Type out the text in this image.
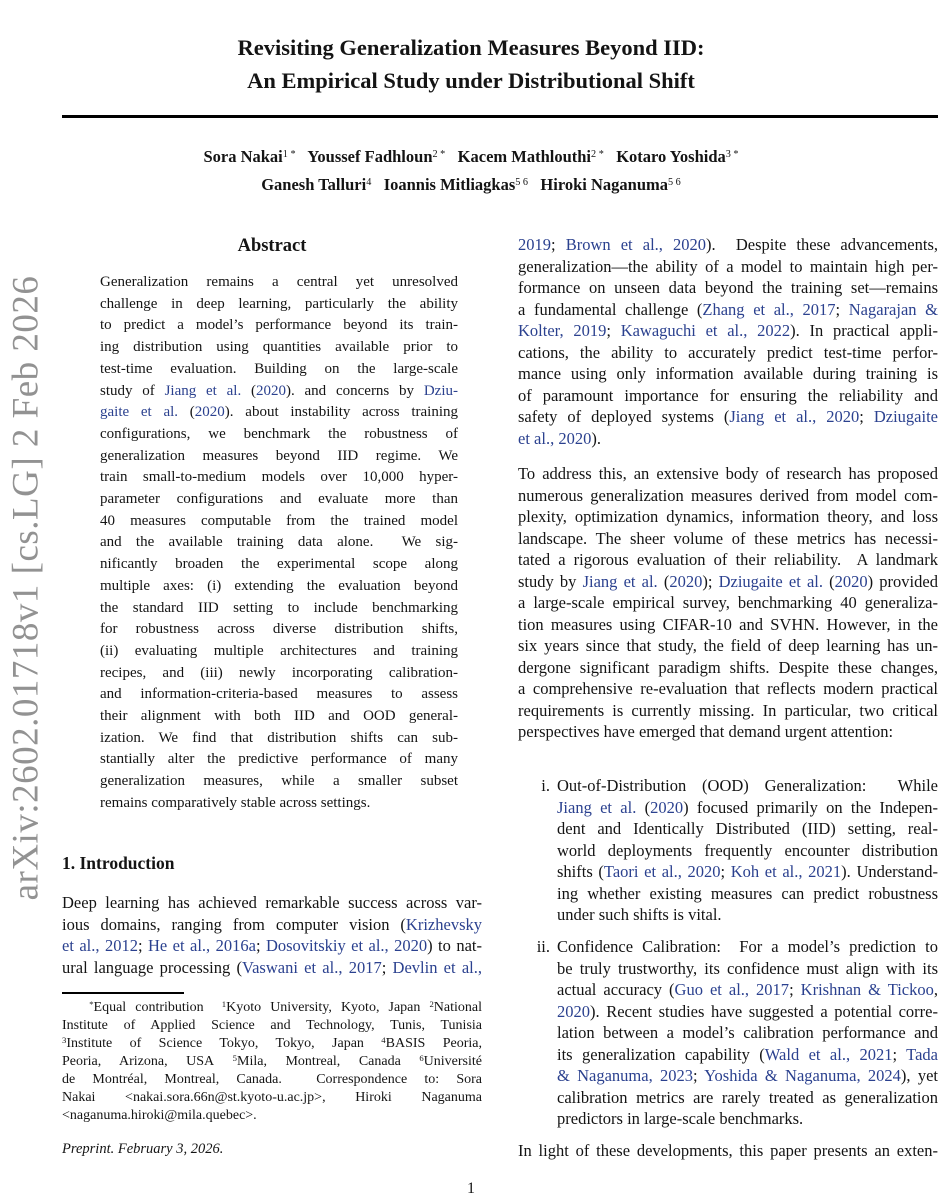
arXiv:2602.01718v1 [cs.LG] 2 Feb 2026
Revisiting Generalization Measures Beyond IID:
An Empirical Study under Distributional Shift
Sora Nakai$^{1 *}$   Youssef Fadhloun$^{2 *}$   Kacem Mathlouthi$^{2 *}$   Kotaro Yoshida$^{3 *}$
Ganesh Talluri$^4$   Ioannis Mitliagkas$^{5 6}$   Hiroki Naganuma$^{5 6}$
Abstract
Generalization remains a central yet unresolved
challenge in deep learning, particularly the ability
to predict a model’s performance beyond its train-
ing distribution using quantities available prior to
test-time evaluation. Building on the large-scale
study of Jiang et al. (2020). and concerns by Dziu-
gaite et al. (2020). about instability across training
configurations, we benchmark the robustness of
generalization measures beyond IID regime. We
train small-to-medium models over 10,000 hyper-
parameter configurations and evaluate more than
40 measures computable from the trained model
and the available training data alone.  We sig-
nificantly broaden the experimental scope along
multiple axes: (i) extending the evaluation beyond
the standard IID setting to include benchmarking
for robustness across diverse distribution shifts,
(ii) evaluating multiple architectures and training
recipes, and (iii) newly incorporating calibration-
and information-criteria-based measures to assess
their alignment with both IID and OOD general-
ization. We find that distribution shifts can sub-
stantially alter the predictive performance of many
generalization measures, while a smaller subset
remains comparatively stable across settings.
1. Introduction
Deep learning has achieved remarkable success across var-
ious domains, ranging from computer vision (Krizhevsky
et al., 2012; He et al., 2016a; Dosovitskiy et al., 2020) to nat-
ural language processing (Vaswani et al., 2017; Devlin et al.,
*Equal contribution  $^1$Kyoto University, Kyoto, Japan $^2$National
Institute of Applied Science and Technology, Tunis, Tunisia
$^3$Institute of Science Tokyo, Tokyo, Japan $^4$BASIS Peoria,
Peoria, Arizona, USA $^5$Mila, Montreal, Canada $^6$Université
de Montréal, Montreal, Canada.  Correspondence to: Sora
Nakai <nakai.sora.66n@st.kyoto-u.ac.jp>, Hiroki Naganuma
<naganuma.hiroki@mila.quebec>.
Preprint. February 3, 2026.
2019; Brown et al., 2020).  Despite these advancements,
generalization—the ability of a model to maintain high per-
formance on unseen data beyond the training set—remains
a fundamental challenge (Zhang et al., 2017; Nagarajan &
Kolter, 2019; Kawaguchi et al., 2022). In practical appli-
cations, the ability to accurately predict test-time perfor-
mance using only information available during training is
of paramount importance for ensuring the reliability and
safety of deployed systems (Jiang et al., 2020; Dziugaite
et al., 2020).
To address this, an extensive body of research has proposed
numerous generalization measures derived from model com-
plexity, optimization dynamics, information theory, and loss
landscape. The sheer volume of these metrics has necessi-
tated a rigorous evaluation of their reliability.  A landmark
study by Jiang et al. (2020); Dziugaite et al. (2020) provided
a large-scale empirical survey, benchmarking 40 generaliza-
tion measures using CIFAR-10 and SVHN. However, in the
six years since that study, the field of deep learning has un-
dergone significant paradigm shifts. Despite these changes,
a comprehensive re-evaluation that reflects modern practical
requirements is currently missing. In particular, two critical
perspectives have emerged that demand urgent attention:
i. Out-of-Distribution (OOD) Generalization:  While
Jiang et al. (2020) focused primarily on the Indepen-
dent and Identically Distributed (IID) setting, real-
world deployments frequently encounter distribution
shifts (Taori et al., 2020; Koh et al., 2021). Understand-
ing whether existing measures can predict robustness
under such shifts is vital.
ii. Confidence Calibration:  For a model’s prediction to
be truly trustworthy, its confidence must align with its
actual accuracy (Guo et al., 2017; Krishnan & Tickoo,
2020). Recent studies have suggested a potential corre-
lation between a model’s calibration performance and
its generalization capability (Wald et al., 2021; Tada
& Naganuma, 2023; Yoshida & Naganuma, 2024), yet
calibration metrics are rarely treated as generalization
predictors in large-scale benchmarks.
In light of these developments, this paper presents an exten-
1
